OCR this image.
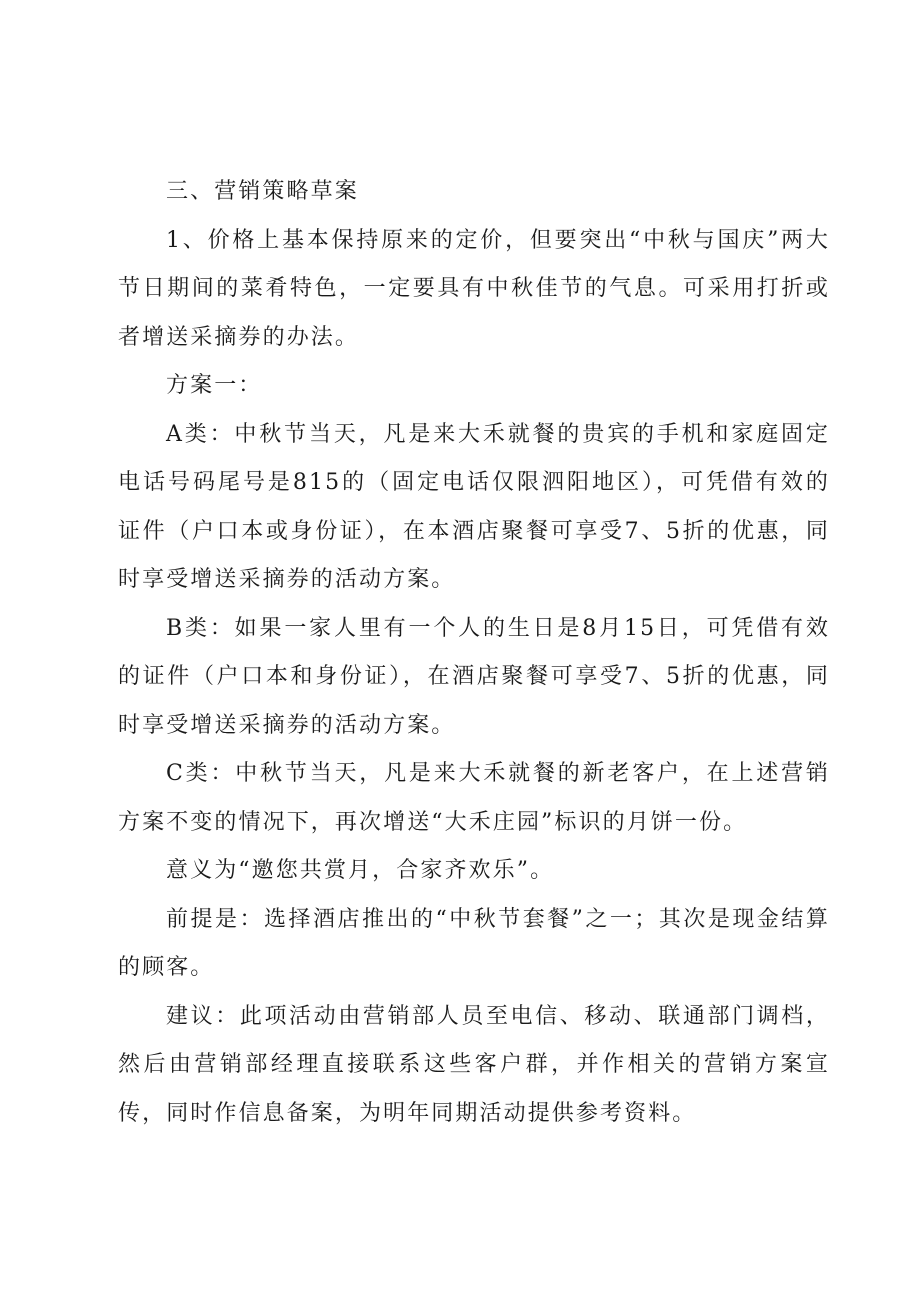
三、营销策略草案

1、价格上基本保持原来的定价，但要突出“中秋与国庆”两大节日期间的菜肴特色，一定要具有中秋佳节的气息。可采用打折或者增送采摘券的办法。

方案一：

A类：中秋节当天，凡是来大禾就餐的贵宾的手机和家庭固定电话号码尾号是815的（固定电话仅限泗阳地区），可凭借有效的证件（户口本或身份证），在本酒店聚餐可享受7、5折的优惠，同时享受增送采摘券的活动方案。

B类：如果一家人里有一个人的生日是8月15日，可凭借有效的证件（户口本和身份证），在酒店聚餐可享受7、5折的优惠，同时享受增送采摘券的活动方案。

C类：中秋节当天，凡是来大禾就餐的新老客户，在上述营销方案不变的情况下，再次增送“大禾庄园”标识的月饼一份。

意义为“邀您共赏月，合家齐欢乐”。

前提是：选择酒店推出的“中秋节套餐”之一；其次是现金结算的顾客。

建议：此项活动由营销部人员至电信、移动、联通部门调档，然后由营销部经理直接联系这些客户群，并作相关的营销方案宣传，同时作信息备案，为明年同期活动提供参考资料。
